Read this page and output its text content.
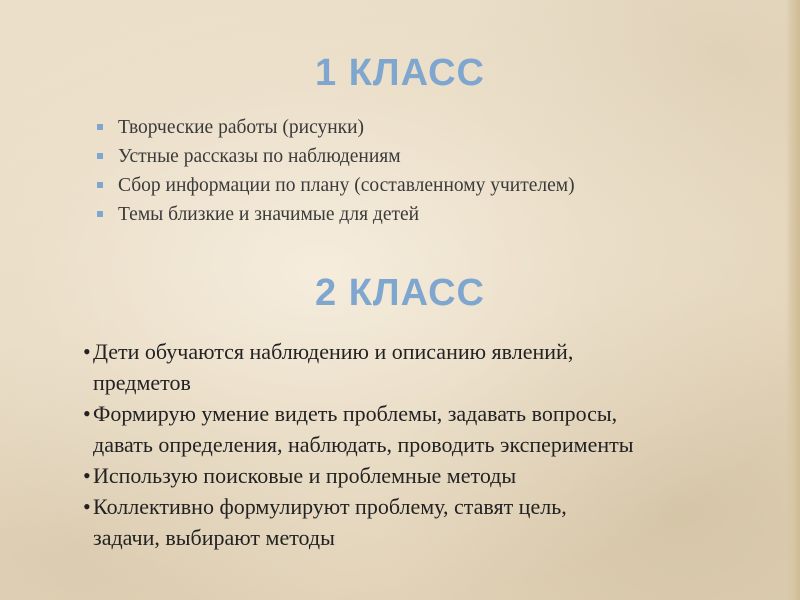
1 КЛАСС
Творческие работы (рисунки)
Устные рассказы по наблюдениям
Сбор информации по плану (составленному учителем)
Темы близкие и значимые для детей
2 КЛАСС
• Дети обучаются наблюдению и описанию явлений,
предметов
• Формирую умение видеть проблемы, задавать вопросы,
давать определения, наблюдать, проводить эксперименты
• Использую поисковые и проблемные методы
• Коллективно формулируют проблему, ставят цель,
задачи, выбирают методы
